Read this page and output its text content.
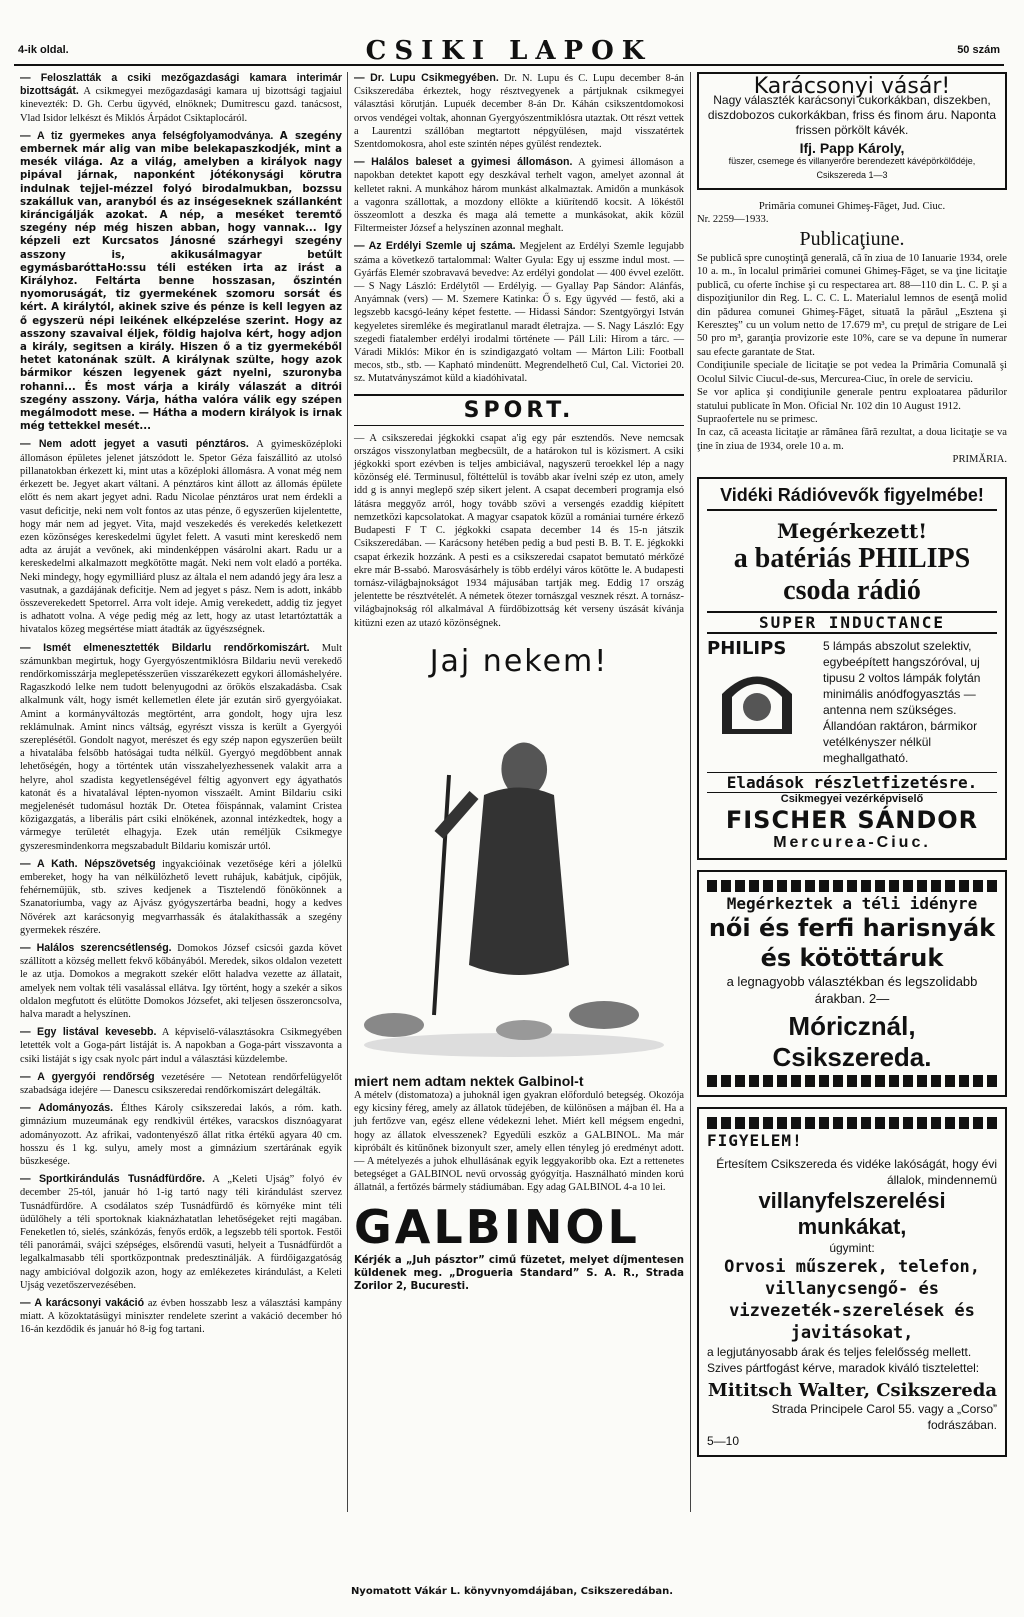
4-ik oldal.	CSIKI LAPOK	50 szám
— Feloszlatták a csiki mezőgazdasági kamara interimár bizottságát. A csikmegyei mezőgazdasági kamara uj bizottsági tagjaiul kinevezték: D. Gh. Cerbu ügyvéd, elnöknek; Dumitrescu gazd. tanácsost, Vlad Isidor lelkészt és Miklós Árpádot Csiktaplocáról.
— A tiz gyermekes anya felségfolyamodványa. A szegény embernek már alig van mibe belekapaszkodjék, mint a mesék világa. Az a világ, amelyben a királyok nagy pipával járnak, naponként jótékonysági körutra indulnak tejjel-mézzel folyó birodalmukban, bozssu szakálluk van, aranyból és az inségeseknek szállanként kiráncigálják azokat. A nép, a meséket teremtő szegény nép még hiszen abban, hogy vannak... Igy képzeli ezt Kurcsatos Jánosné szárhegyi szegény asszony is, akikusálmagyar betűlt egymásbaróttaHo:ssu téli estéken irta az irást a Királyhoz. Feltárta benne hosszasan, őszintén nyomoruságát, tiz gyermekének szomoru sorsát és kért. A királytól, akinek szive és pénze is kell legyen az ő egyszerü népi leikének elképzelése szerint. Hogy az asszony szavaival éljek, földig hajolva kért, hogy adjon a király, segitsen a király. Hiszen ő a tiz gyermekéből hetet katonának szült. A királynak szülte, hogy azok bármikor készen legyenek gázt nyelni, szuronyba rohanni... És most várja a király válaszát a ditrói szegény asszony. Várja, hátha valóra válik egy szépen megálmodott mese. — Hátha a modern királyok is irnak még tettekkel mesét...
— Nem adott jegyet a vasuti pénztáros. A gyimesközéploki állomáson épületes jelenet játszódott le. Spetor Géza faiszállitó az utolsó pillanatokban érkezett ki, mint utas a középloki állomásra. A vonat még nem érkezett be. Jegyet akart váltani. A pénztáros kint állott az állomás épülete előtt és nem akart jegyet adni. Radu Nicolae pénztáros urat nem érdekli a vasut deficitje, neki nem volt fontos az utas pénze, ő egyszerűen kijelentette, hogy már nem ad jegyet. Vita, majd veszekedés és verekedés keletkezett ezen közönséges kereskedelmi ügylet felett. A vasuti mint kereskedő nem adta az áruját a vevőnek, aki mindenképpen vásárolni akart. Radu ur a kereskedelmi alkalmazott megkötötte magát. Neki nem volt eladó a portéka. Neki mindegy, hogy egymilliárd plusz az általa el nem adandó jegy ára lesz a vasutnak, a gazdájának deficitje. Nem ad jegyet s pász. Nem is adott, inkább összeverekedett Spetorrel. Arra volt ideje. Amig verekedett, addig tiz jegyet is adhatott volna. A vége pedig még az lett, hogy az utast letartóztatták a hivatalos közeg megsértése miatt átadták az ügyészségnek.
— Ismét elmenesztették Bildarlu rendőrkomiszárt. Mult számunkban megirtuk, hogy Gyergyószentmiklósra Bildariu nevü verekedő rendőrkomisszárja meglepetésszerűen visszarékezett egykori állomáshelyére. Ragaszkodó lelke nem tudott belenyugodni az örökös elszakadásba. Csak alkalmunk vált, hogy ismét kellemetlen élete jár ezután sirő gyergyóiakat. Amint a kormányváltozás megtörtént, arra gondolt, hogy ujra lesz reklámulnak. Amint nincs váltság, egyrészt vissza is került a Gyergyói szereplésétől. Gondolt nagyot, merészet és egy szép napon egyszerűen beült a hivatalába felsőbb hatóságai tudta nélkül. Gyergyó megdöbbent annak lehetőségén, hogy a történtek után visszahelyezhessenek valakit arra a helyre, ahol szadista kegyetlenségével féltig agyonvert egy ágyathatós katonát és a hivatalával lépten-nyomon visszaélt. Amint Bildariu csiki megjelenését tudomásul hozták Dr. Otetea főispánnak, valamint Cristea közigazgatás, a liberális párt csiki elnökének, azonnal intézkedtek, hogy a vármegye területét elhagyja. Ezek után reméljük Csikmegye gyszeresmindenkorra megszabadult Bildariu komiszár urtól.
— A Kath. Népszövetség ingyakcióinak vezetősége kéri a jólelkü embereket, hogy ha van nélkülözhető levett ruhájuk, kabátjuk, cipőjük, fehérneműjük, stb. szives kedjenek a Tisztelendő fönökönnek a Szanatoriumba, vagy az Ajvász gyógyszertárba beadni, hogy a kedves Nővérek azt karácsonyig megvarrhassák és átalakíthassák a szegény gyermekek részére.
— Halálos szerencsétlenség. Domokos József csicsói gazda követ szállított a község mellett fekvő kőbányából. Meredek, sikos oldalon vezetett le az utja. Domokos a megrakott szekér előtt haladva vezette az állatait, amelyek nem voltak téli vasalással ellátva. Igy történt, hogy a szekér a sikos oldalon megfutott és elütötte Domokos Józsefet, aki teljesen összeroncsolva, halva maradt a helyszínen.
— Egy listával kevesebb. A képviselő-választásokra Csikmegyében letették volt a Goga-párt listáját is. A napokban a Goga-párt visszavonta a csiki listáját s igy csak nyolc párt indul a választási küzdelembe.
— A gyergyói rendőrség vezetésére — Netotean rendőrfelügyelőt szabadsága idejére — Danescu csikszeredai rendőrkomiszárt delegálták.
— Adományozás. Élthes Károly csikszeredai lakós, a róm. kath. gimnázium muzeumának egy rendkivül értékes, varacskos disznóagyarat adományozott. Az afrikai, vadontenyésző állat ritka értékű agyara 40 cm. hosszu és 1 kg. sulyu, amely most a gimnázium szertárának egyik büszkesége.
— Sportkirándulás Tusnádfürdőre. A „Keleti Ujság” folyó év december 25-tól, január hó 1-ig tartó nagy téli kirándulást szervez Tusnádfürdőre. A csodálatos szép Tusnádfürdő és környéke mint téli üdülőhely a téli sportoknak kiaknázhatatlan lehetőségeket rejti magában. Feneketlen tó, sielés, szánkózás, fenyős erdők, a legszebb téli sportok. Festői téli panorámái, svájci szépséges, elsőrendü vasuti, helyeit a Tusnádfürdőt a legalkalmasabb téli sportközpontnak predesztinálják. A fürdőigazgatóság nagy ambicióval dolgozik azon, hogy az emlékezetes kirándulást, a Keleti Ujság vezetőszervezésében.
— A karácsonyi vakáció az évben hosszabb lesz a választási kampány miatt. A közoktatásügyi miniszter rendelete szerint a vakáció december hó 16-án kezdődik és január hó 8-ig fog tartani.
— Dr. Lupu Csikmegyében. Dr. N. Lupu és C. Lupu december 8-án Csikszeredába érkeztek, hogy résztvegyenek a pártjuknak csikmegyei választási körutján. Lupuék december 8-án Dr. Káhán csikszentdomokosi orvos vendégei voltak, ahonnan Gyergyószentmiklósra utaztak. Ott részt vettek a Laurentzi szállóban megtartott népgyülésen, majd visszatértek Szentdomokosra, ahol este szintén népes gyülést rendeztek.
— Halálos baleset a gyimesi állomáson. A gyimesi állomáson a napokban detektet kapott egy deszkával terhelt vagon, amelyet azonnal át kelletet rakni. A munkához három munkást alkalmaztak. Amidőn a munkások a vagonra szállottak, a mozdony ellökte a kiürítendő kocsit. A lökéstől összeomlott a deszka és maga alá temette a munkásokat, akik közül Filtermeister József a helyszínen azonnal meghalt.
— Az Erdélyi Szemle uj száma. Megjelent az Erdélyi Szemle legujabb száma a következő tartalommal: Walter Gyula: Egy uj esszme indul most. — Gyárfás Elemér szobravavá bevedve: Az erdélyi gondolat — 400 évvel ezelőtt. — S Nagy László: Erdélytől — Erdélyig. — Gyallay Pap Sándor: Alánfás, Anyámnak (vers) — M. Szemere Katinka: Ő s. Egy ügyvéd — festő, aki a legszebb kacsgó-leány képet festette. — Hidassi Sándor: Szentgyörgyi István kegyeletes siremléke és megiratlanul maradt életrajza. — S. Nagy László: Egy szegedi fiatalember erdélyi irodalmi története — Páll Lili: Hirom a tárc. — Váradi Miklós: Mikor én is szindigazgató voltam — Márton Lili: Football mecos, stb., stb. — Kapható mindenütt. Megrendelhető Cul, Cal. Victoriei 20. sz. Mutatványszámot küld a kiadóhivatal.
SPORT.
— A csikszeredai jégkokki csapat a'ig egy pár esztendős. Neve nemcsak országos visszonylatban megbecsült, de a határokon tul is közismert. A csiki jégkokki sport ezévben is teljes ambiciával, nagyszerű teroekkel lép a nagy közönség elé. Terminusul, föltéttelül is tovább akar ívelni szép ez uton, amely idd g is annyi meglepő szép sikert jelent. A csapat decemberi programja elsó látásra meggyőz arról, hogy tovább szövi a versengés ezaddig kiépített nemzetközi kapcsolatokat. A magyar csapatok közül a romániai turnére érkező Budapesti F T C. jégkokki csapata december 14 és 15-n játszik Csikszeredában. — Karácsony hetében pedig a bud pesti B. B. T. E. jégkokki csapat érkezik hozzánk. A pesti es a csikszeredai csapatot bemutató mérkőzé ekre már B-ssabó. Marosvásárhely is több erdélyi város kötötte le. A budapesti tornász-világbajnokságot 1934 májusában tartják meg. Eddig 17 ország jelentette be résztvételét. A németek ötezer tornászgal vesznek részt. A tornász-világbajnokság ról alkalmával A fürdőbizottság két verseny úszását kívánja kitüzni ezen az utazó közönségnek.
Jaj nekem!
miert nem adtam nektek Galbinol-t
A mételv (distomatoza) a juhoknál igen gyakran előforduló betegség. Okozója egy kicsiny féreg, amely az állatok tüdejében, de különösen a májban él. Ha a juh fertőzve van, egész ellene védekezni lehet. Miért kell mégsem engedni, hogy az állatok elvesszenek? Egyedüli eszköz a GALBINOL. Ma már kipróbált és kitűnőnek bizonyult szer, amely ellen tényleg jó eredményt adott. — A mételyezés a juhok elhullásának egyik leggyakoribb oka. Ezt a rettenetes betegséget a GALBINOL nevű orvosság gyógyítja. Használható minden korú állatnál, a fertőzés bármely stádiumában. Egy adag GALBINOL 4-a 10 lei.
GALBINOL
Kérjék a „Juh pásztor” cimű füzetet, melyet díjmentesen küldenek meg. „Drogueria Standard” S. A. R., Strada Zorilor 2, Bucuresti.
Karácsonyi vásár!
Nagy választék karácsonyi cukorkákban, diszekben, diszdobozos cukorkákban, friss és finom áru. Naponta frissen pörkölt kávék.
Ifj. Papp Károly,
füszer, csemege és villanyerőre berendezett kávépörkölődéje, Csikszereda 1—3
Primăria comunei Ghimeş-Făget, Jud. Ciuc.
Nr. 2259—1933.
Publicaţiune.
Se publică spre cunoştinţă generală, că în ziua de 10 Ianuarie 1934, orele 10 a. m., în localul primăriei comunei Ghimeş-Făget, se va ţine licitaţie publică, cu oferte închise şi cu respectarea art. 88—110 din L. C. P. şi a dispoziţiunilor din Reg. L. C. C. L. Materialul lemnos de esenţă molid din pădurea comunei Ghimeş-Făget, situată la părăul „Esztena şi Kereszteş” cu un volum netto de 17.679 m³, cu preţul de strigare de Lei 50 pro m³, garanţia provizorie este 10%, care se va depune în numerar sau efecte garantate de Stat.
Condiţiunile speciale de licitaţie se pot vedea la Primăria Comunală şi Ocolul Silvic Ciucul-de-sus, Mercurea-Ciuc, în orele de serviciu.
Se vor aplica şi condiţiunile generale pentru exploatarea pădurilor statului publicate în Mon. Oficial Nr. 102 din 10 August 1912.
Supraofertele nu se primesc.
In caz, că aceasta licitaţie ar rămânea fără rezultat, a doua licitaţie se va ţine în ziua de 1934, orele 10 a. m.
PRIMĂRIA.
Vidéki Rádióvevők figyelmébe!
Megérkezett!
a batériás PHILIPS csoda rádió
SUPER INDUCTANCE
PHILIPS	5 lámpás abszolut szelektiv, egybeépített hangszóróval, uj tipusu 2 voltos lámpák folytán minimális anódfogyasztás — antenna nem szükséges. Állandóan raktáron, bármikor vetélkényszer nélkül meghallgatható.
Eladások részletfizetésre.
Csikmegyei vezérképviselő
FISCHER SÁNDOR
Mercurea-Ciuc.
Megérkeztek a téli idényre
női és ferfi harisnyák
és kötöttáruk
a legnagyobb választékban és legszolidabb árakban. 2—
Móricznál, Csikszereda.
FIGYELEM!
Értesítem Csikszereda és vidéke lakóságát, hogy évi állalok, mindennemü
villanyfelszerelési munkákat,
úgymint:
Orvosi műszerek, telefon, villanycsengő- és vizvezeték-szerelések és javitásokat,
a legjutányosabb árak és teljes felelősség mellett. Szives pártfogást kérve, maradok kiváló tisztelettel:
Mititsch Walter, Csikszereda
Strada Principele Carol 55. vagy a „Corso” fodrászában.
5—10
Nyomatott Vákár L. könyvnyomdájában, Csikszeredában.
